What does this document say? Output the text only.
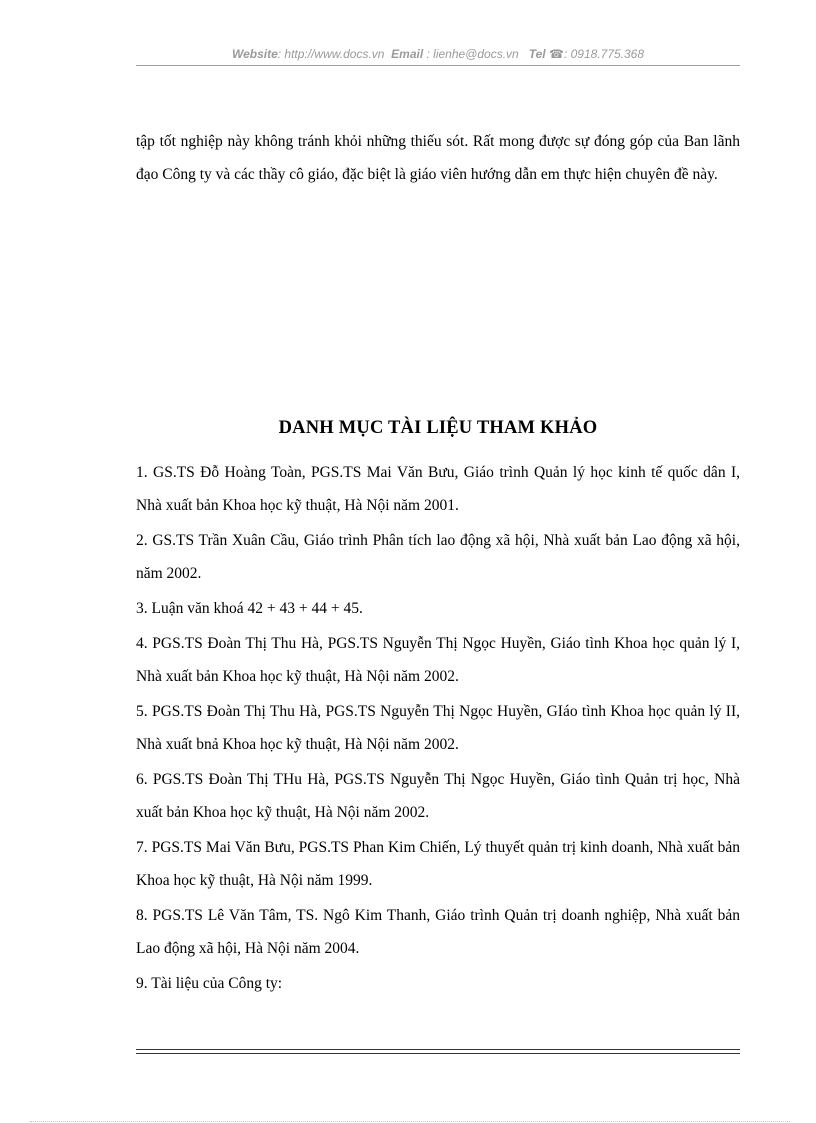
Website: http://www.docs.vn Email : lienhe@docs.vn Tel ☎: 0918.775.368

tập tốt nghiệp này không tránh khỏi những thiếu sót. Rất mong được sự đóng góp của Ban lãnh đạo Công ty và các thầy cô giáo, đặc biệt là giáo viên hướng dẫn em thực hiện chuyên đề này.

DANH MỤC TÀI LIỆU THAM KHẢO

1. GS.TS Đỗ Hoàng Toàn, PGS.TS Mai Văn Bưu, Giáo trình Quản lý học kinh tế quốc dân I, Nhà xuất bản Khoa học kỹ thuật, Hà Nội năm 2001.

2. GS.TS Trần Xuân Cầu, Giáo trình Phân tích lao động xã hội, Nhà xuất bản Lao động xã hội, năm 2002.

3. Luận văn khoá 42 + 43 + 44 + 45.

4. PGS.TS Đoàn Thị Thu Hà, PGS.TS Nguyễn Thị Ngọc Huyền, Giáo tình Khoa học quản lý I, Nhà xuất bản Khoa học kỹ thuật, Hà Nội năm 2002.

5. PGS.TS Đoàn Thị Thu Hà, PGS.TS Nguyễn Thị Ngọc Huyền, GIáo tình Khoa học quản lý II, Nhà xuất bnả Khoa học kỹ thuật, Hà Nội năm 2002.

6. PGS.TS Đoàn Thị THu Hà, PGS.TS Nguyễn Thị Ngọc Huyền, Giáo tình Quản trị học, Nhà xuất bản Khoa học kỹ thuật, Hà Nội năm 2002.

7. PGS.TS Mai Văn Bưu, PGS.TS Phan Kim Chiến, Lý thuyết quản trị kinh doanh, Nhà xuất bản Khoa học kỹ thuật, Hà Nội năm 1999.

8. PGS.TS Lê Văn Tâm, TS. Ngô Kim Thanh, Giáo trình Quản trị doanh nghiệp, Nhà xuất bản Lao động xã hội, Hà Nội năm 2004.

9. Tài liệu của Công ty:
